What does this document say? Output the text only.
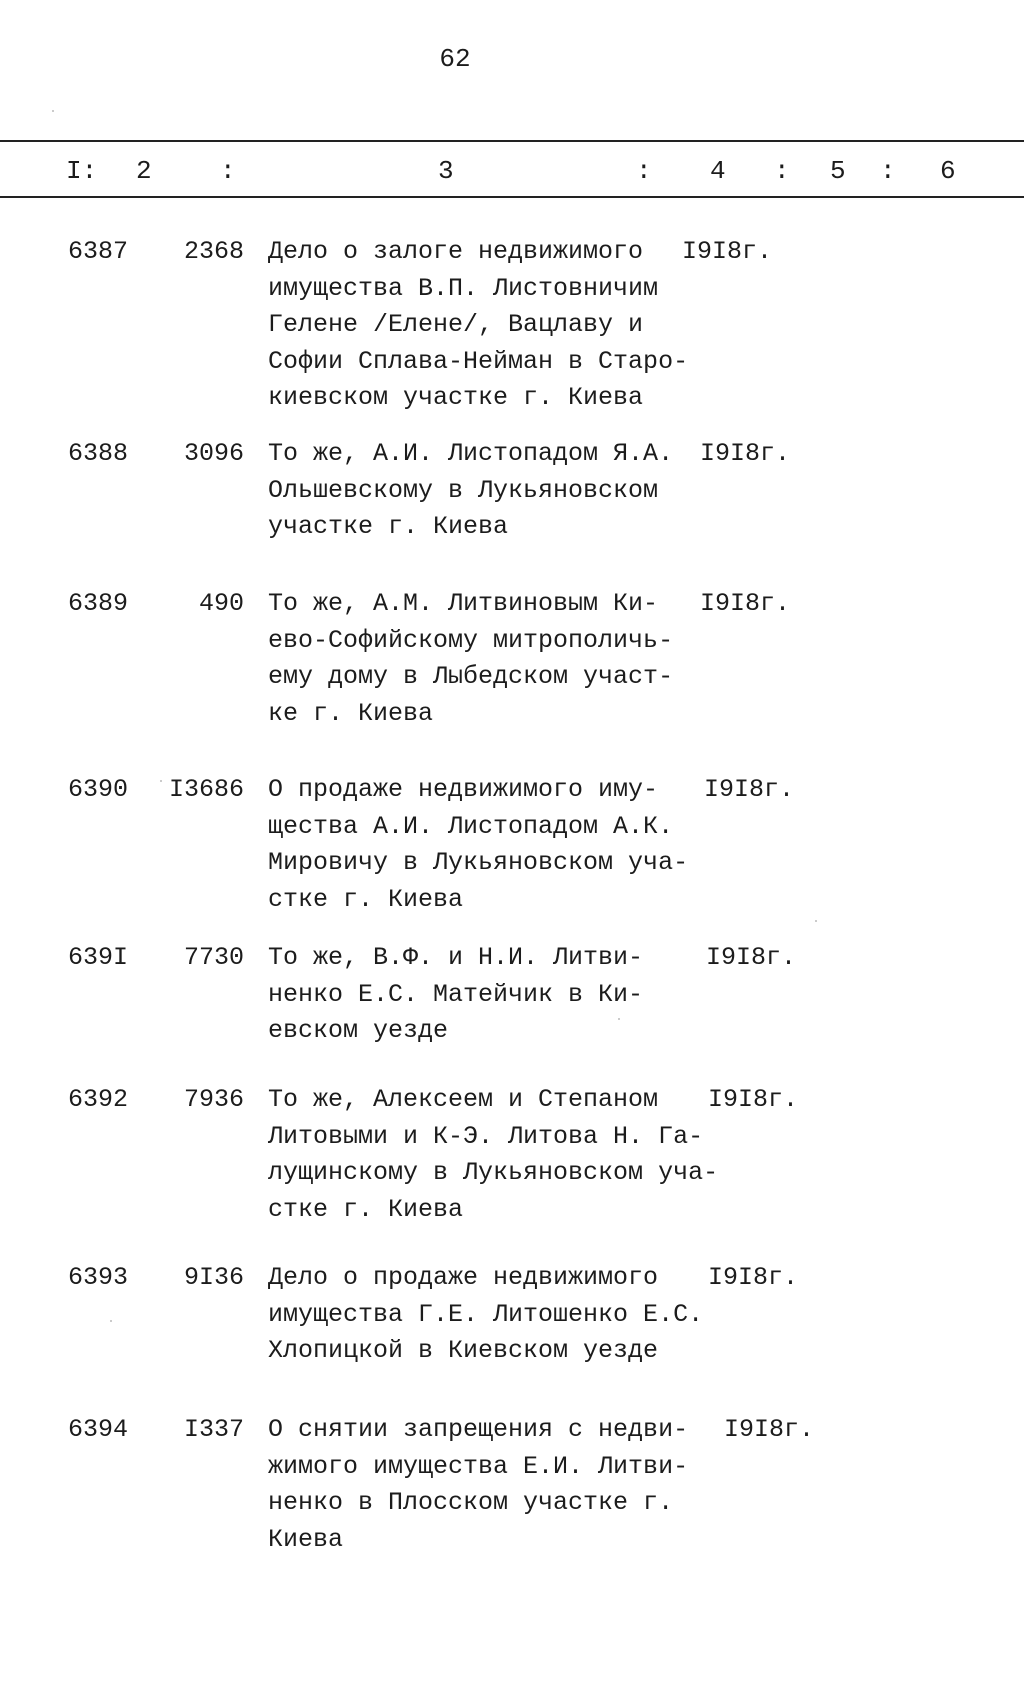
62
I: 2	:	3	: 4 : 5 : 6
6387	2368 Дело о залоге недвижимого
имущества В.П. Листовничим
Гелене /Елене/, Вацлаву и
Софии Сплава-Нейман в Старо-
киевском участке г. Киева
I9I8г.
6388	3096 То же, А.И. Листопадом Я.А.
Ольшевскому в Лукьяновском
участке г. Киева
I9I8г.
6389	490 То же, А.М. Литвиновым Ки-
ево-Софийскому митрополичь-
ему дому в Лыбедском участ-
ке г. Киева
I9I8г.
6390	I3686 О продаже недвижимого иму-
щества А.И. Листопадом А.К.
Мировичу в Лукьяновском уча-
стке г. Киева
I9I8г.
639I	7730 То же, В.Ф. и Н.И. Литви-
ненко Е.С. Матейчик в Ки-
евском уезде
I9I8г.
6392	7936 То же, Алексеем и Степаном
Литовыми и К-Э. Литова Н. Га-
лущинскому в Лукьяновском уча-
стке г. Киева
I9I8г.
6393	9I36 Дело о продаже недвижимого
имущества Г.Е. Литошенко Е.С.
Хлопицкой в Киевском уезде
I9I8г.
6394	I337 О снятии запрещения с недви-
жимого имущества Е.И. Литви-
ненко в Плосском участке г.
Киева
I9I8г.
